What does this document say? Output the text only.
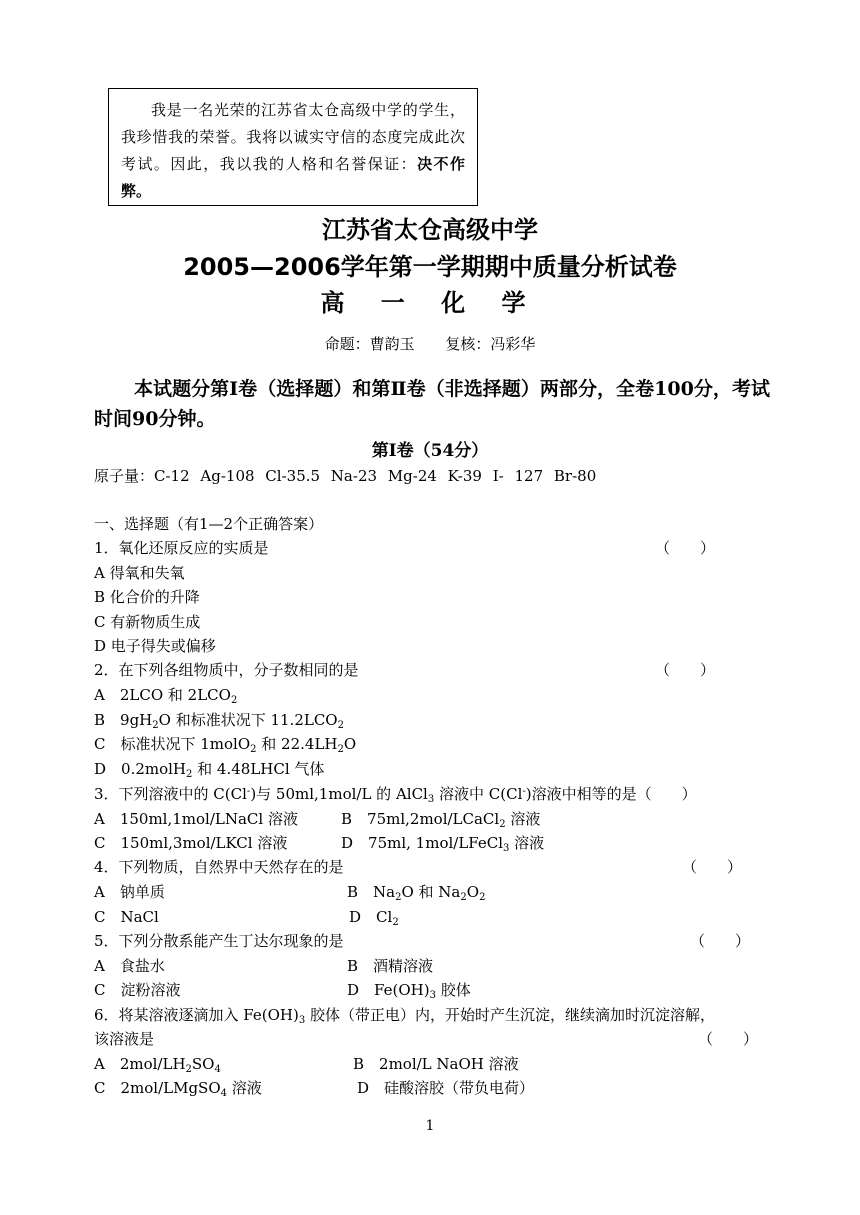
我是一名光荣的江苏省太仓高级中学的学生，我珍惜我的荣誉。我将以诚实守信的态度完成此次考试。因此，我以我的人格和名誉保证：决不作弊。
江苏省太仓高级中学
2005—2006学年第一学期期中质量分析试卷
高 一 化 学
命题：曹韵玉 复核：冯彩华
本试题分第Ⅰ卷（选择题）和第Ⅱ卷（非选择题）两部分，全卷100分，考试时间90分钟。
第Ⅰ卷（54分）
原子量：C-12 Ag-108 Cl-35.5 Na-23 Mg-24 K-39 I- 127 Br-80
一、选择题（有1—2个正确答案）
1．氧化还原反应的实质是	（　　）
A 得氧和失氧
B 化合价的升降
C 有新物质生成
D 电子得失或偏移
2．在下列各组物质中，分子数相同的是	（　　）
A　2LCO 和 $2LCO_2$
B　$9gH_2O$ 和标准状况下 $11.2LCO_2$
C　标准状况下 1molO$_2$ 和 $22.4LH_2O$
D　0.2molH$_2$ 和 4.48LHCl 气体
3．下列溶液中的 C(Cl-)与 50ml,1mol/L 的 AlCl$_3$ 溶液中 C(Cl-)溶液中相等的是（　　）
A　150ml,1mol/LNaCl 溶液	B　75ml,2mol/LCaCl$_2$ 溶液
C　150ml,3mol/LKCl 溶液	D　75ml, 1mol/LFeCl$_3$ 溶液
4．下列物质，自然界中天然存在的是	（　　）
A　钠单质	B　$Na_2O$ 和 $Na_2O_2$
C　NaCl	D　$Cl_2$
5．下列分散系能产生丁达尔现象的是	（　　）
A　食盐水	B　酒精溶液
C　淀粉溶液	D　$Fe(OH)_3$ 胶体
6．将某溶液逐滴加入 $Fe(OH)_3$ 胶体（带正电）内，开始时产生沉淀，继续滴加时沉淀溶解，
该溶液是	（　　）
A　$2mol/LH_2SO_4$	B　2mol/L NaOH 溶液
C　2mol/LMgSO$_4$ 溶液	D　硅酸溶胶（带负电荷）
1
